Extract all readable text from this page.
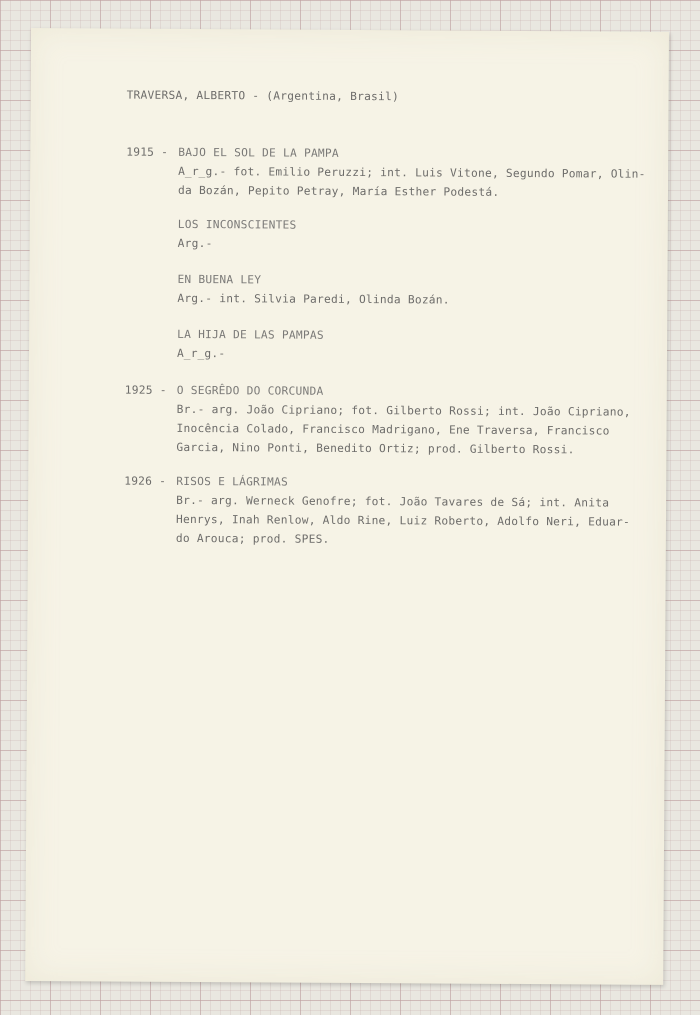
TRAVERSA, ALBERTO - (Argentina, Brasil)
1915 - BAJO EL SOL DE LA PAMPA
A̲r̲g.- fot. Emilio Peruzzi; int. Luis Vitone, Segundo Pomar, Olin-
da Bozán, Pepito Petray, María Esther Podestá.
LOS INCONSCIENTES
Arg.-
EN BUENA LEY
Arg.- int. Silvia Paredi, Olinda Bozán.
LA HIJA DE LAS PAMPAS
A̲r̲g.-
1925 - O SEGRÊDO DO CORCUNDA
Br.- arg. João Cipriano; fot. Gilberto Rossi; int. João Cipriano,
Inocência Colado, Francisco Madrigano, Ene Traversa, Francisco
Garcia, Nino Ponti, Benedito Ortiz; prod. Gilberto Rossi.
1926 - RISOS E LÁGRIMAS
Br.- arg. Werneck Genofre; fot. João Tavares de Sá; int. Anita
Henrys, Inah Renlow, Aldo Rine, Luiz Roberto, Adolfo Neri, Eduar-
do Arouca; prod. SPES.
